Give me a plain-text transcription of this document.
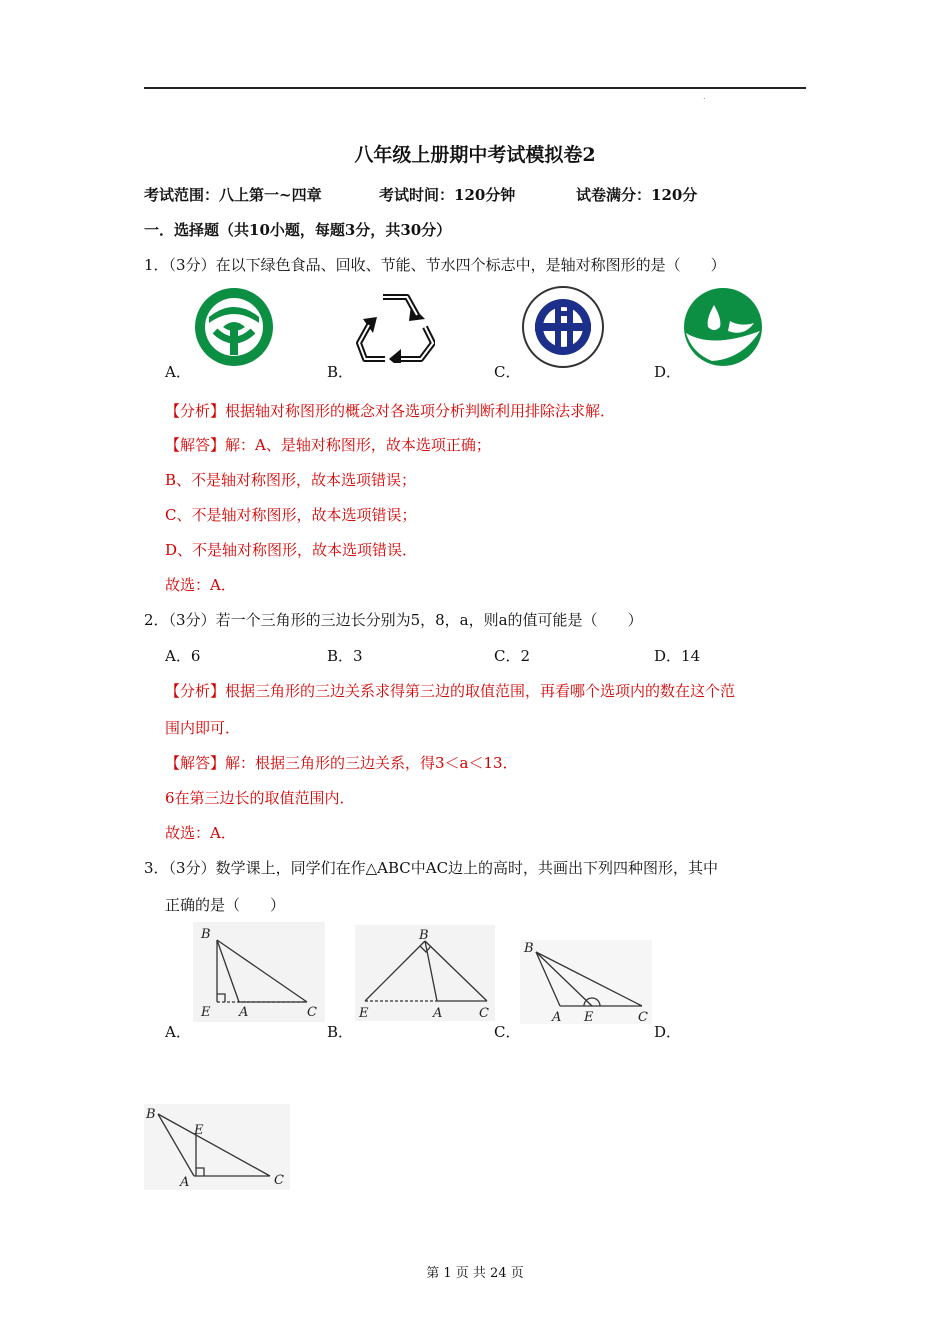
.
八年级上册期中考试模拟卷2
考试范围：八上第一~四章	考试时间：120分钟	试卷满分：120分
一．选择题（共10小题，每题3分，共30分）
1．（3分）在以下绿色食品、回收、节能、节水四个标志中，是轴对称图形的是（　　）
A．	B．	C．	D．
【分析】根据轴对称图形的概念对各选项分析判断利用排除法求解．
【解答】解：A、是轴对称图形，故本选项正确；
B、不是轴对称图形，故本选项错误；
C、不是轴对称图形，故本选项错误；
D、不是轴对称图形，故本选项错误．
故选：A．
2．（3分）若一个三角形的三边长分别为5，8，a，则a的值可能是（　　）
A．6	B．3	C．2	D．14
【分析】根据三角形的三边关系求得第三边的取值范围，再看哪个选项内的数在这个范
围内即可．
【解答】解：根据三角形的三边关系，得3＜a＜13．
6在第三边长的取值范围内．
故选：A．
3．（3分）数学课上，同学们在作△ABC中AC边上的高时，共画出下列四种图形，其中
正确的是（　　）
B
E A	C
B
E	A	C
B
A E	C
A．	B．	C．	D．
B
E
A	C
第 1 页 共 24 页
